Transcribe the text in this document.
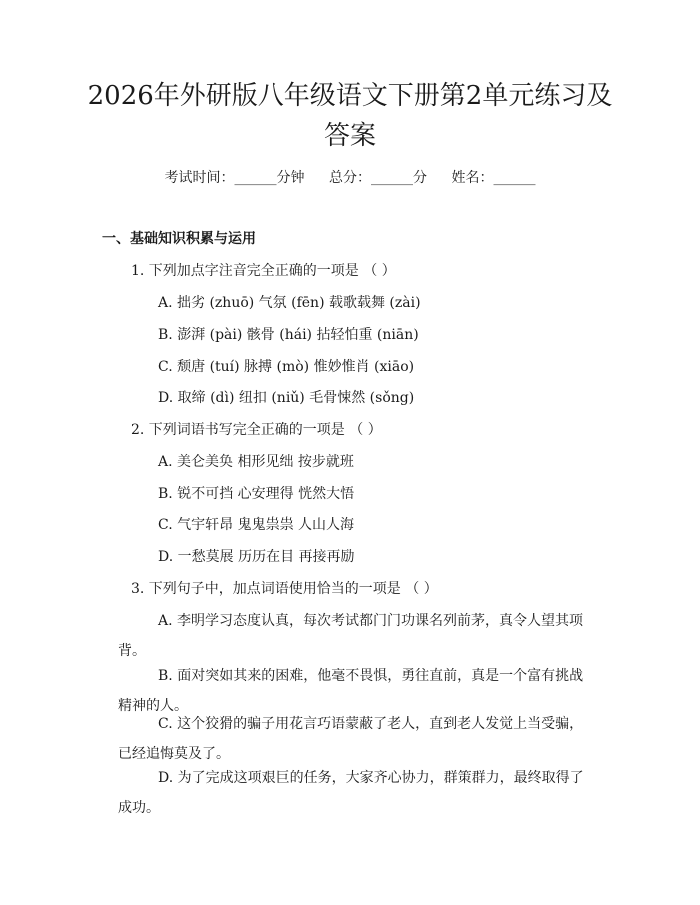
2026年外研版八年级语文下册第2单元练习及答案
考试时间：______分钟 总分：______分 姓名：______
一、基础知识积累与运用
1. 下列加点字注音完全正确的一项是 （ ）
A. 拙劣 (zhuō) 气氛 (fēn) 载歌载舞 (zài)
B. 澎湃 (pài) 骸骨 (hái) 拈轻怕重 (niān)
C. 颓唐 (tuí) 脉搏 (mò) 惟妙惟肖 (xiāo)
D. 取缔 (dì) 纽扣 (niǔ) 毛骨悚然 (sǒng)
2. 下列词语书写完全正确的一项是 （ ）
A. 美仑美奂 相形见绌 按步就班
B. 锐不可挡 心安理得 恍然大悟
C. 气宇轩昂 鬼鬼祟祟 人山人海
D. 一愁莫展 历历在目 再接再励
3. 下列句子中，加点词语使用恰当的一项是 （ ）
A. 李明学习态度认真，每次考试都门门功课名列前茅，真令人望其项背。
B. 面对突如其来的困难，他毫不畏惧，勇往直前，真是一个富有挑战精神的人。
C. 这个狡猾的骗子用花言巧语蒙蔽了老人，直到老人发觉上当受骗，已经追悔莫及了。
D. 为了完成这项艰巨的任务，大家齐心协力，群策群力，最终取得了成功。
